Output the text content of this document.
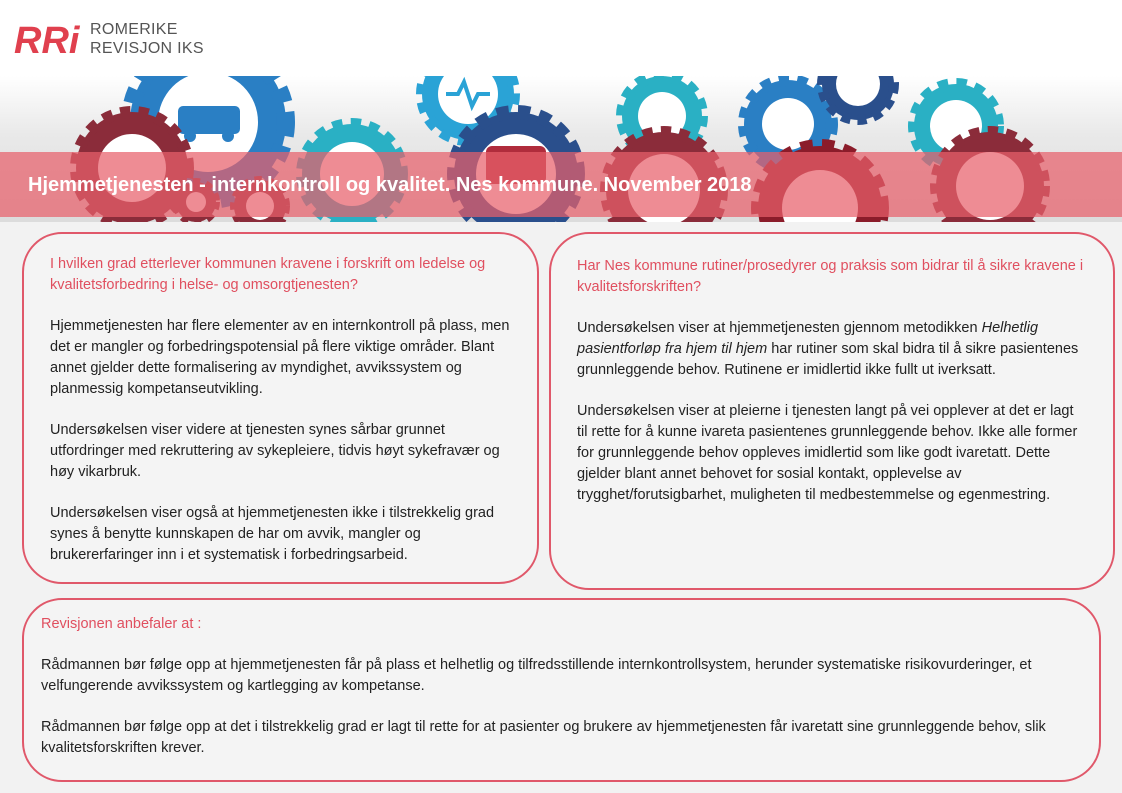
RRi ROMERIKE
REVISJON IKS
Hjemmetjenesten - internkontroll og kvalitet. Nes kommune. November 2018

I hvilken grad etterlever kommunen kravene i forskrift om ledelse og kvalitetsforbedring i helse- og omsorgtjenesten?

Hjemmetjenesten har flere elementer av en internkontroll på plass, men det er mangler og forbedringspotensial på flere viktige områder. Blant annet gjelder dette formalisering av myndighet, avvikssystem og planmessig kompetanseutvikling.

Undersøkelsen viser videre at tjenesten synes sårbar grunnet utfordringer med rekruttering av sykepleiere, tidvis høyt sykefravær og høy vikarbruk.

Undersøkelsen viser også at hjemmetjenesten ikke i tilstrekkelig grad synes å benytte kunnskapen de har om avvik, mangler og brukererfaringer inn i et systematisk i forbedringsarbeid.

Har Nes kommune rutiner/prosedyrer og praksis som bidrar til å sikre kravene i kvalitetsforskriften?

Undersøkelsen viser at hjemmetjenesten gjennom metodikken Helhetlig pasientforløp fra hjem til hjem har rutiner som skal bidra til å sikre pasientenes grunnleggende behov. Rutinene er imidlertid ikke fullt ut iverksatt.

Undersøkelsen viser at pleierne i tjenesten langt på vei opplever at det er lagt til rette for å kunne ivareta pasientenes grunnleggende behov. Ikke alle former for grunnleggende behov oppleves imidlertid som like godt ivaretatt. Dette gjelder blant annet behovet for sosial kontakt, opplevelse av trygghet/forutsigbarhet, muligheten til medbestemmelse og egenmestring.

Revisjonen anbefaler at :

Rådmannen bør følge opp at hjemmetjenesten får på plass et helhetlig og tilfredsstillende internkontrollsystem, herunder systematiske risikovurderinger, et velfungerende avvikssystem og kartlegging av kompetanse.

Rådmannen bør følge opp at det i tilstrekkelig grad er lagt til rette for at pasienter og brukere av hjemmetjenesten får ivaretatt sine grunnleggende behov, slik kvalitetsforskriften krever.
